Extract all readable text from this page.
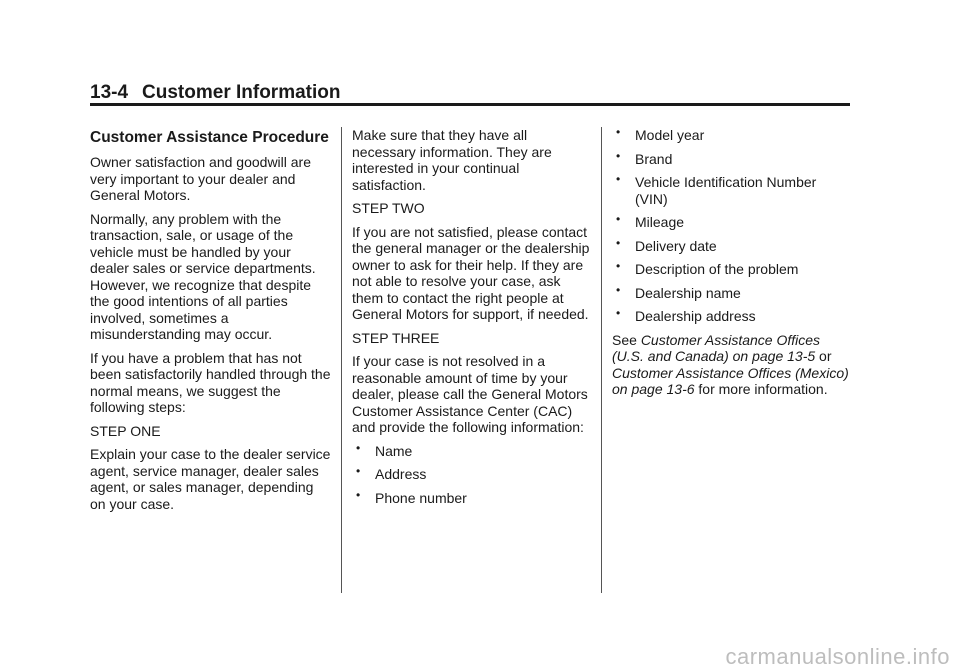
13-4 Customer Information
Customer Assistance Procedure

Owner satisfaction and goodwill are very important to your dealer and General Motors.

Normally, any problem with the transaction, sale, or usage of the vehicle must be handled by your dealer sales or service departments. However, we recognize that despite the good intentions of all parties involved, sometimes a misunderstanding may occur.

If you have a problem that has not been satisfactorily handled through the normal means, we suggest the following steps:

STEP ONE

Explain your case to the dealer service agent, service manager, dealer sales agent, or sales manager, depending on your case.

Make sure that they have all necessary information. They are interested in your continual satisfaction.

STEP TWO

If you are not satisfied, please contact the general manager or the dealership owner to ask for their help. If they are not able to resolve your case, ask them to contact the right people at General Motors for support, if needed.

STEP THREE

If your case is not resolved in a reasonable amount of time by your dealer, please call the General Motors Customer Assistance Center (CAC) and provide the following information:

• Name
• Address
• Phone number
• Model year
• Brand
• Vehicle Identification Number (VIN)
• Mileage
• Delivery date
• Description of the problem
• Dealership name
• Dealership address

See Customer Assistance Offices (U.S. and Canada) on page 13-5 or Customer Assistance Offices (Mexico) on page 13-6 for more information.

carmanualsonline.info
